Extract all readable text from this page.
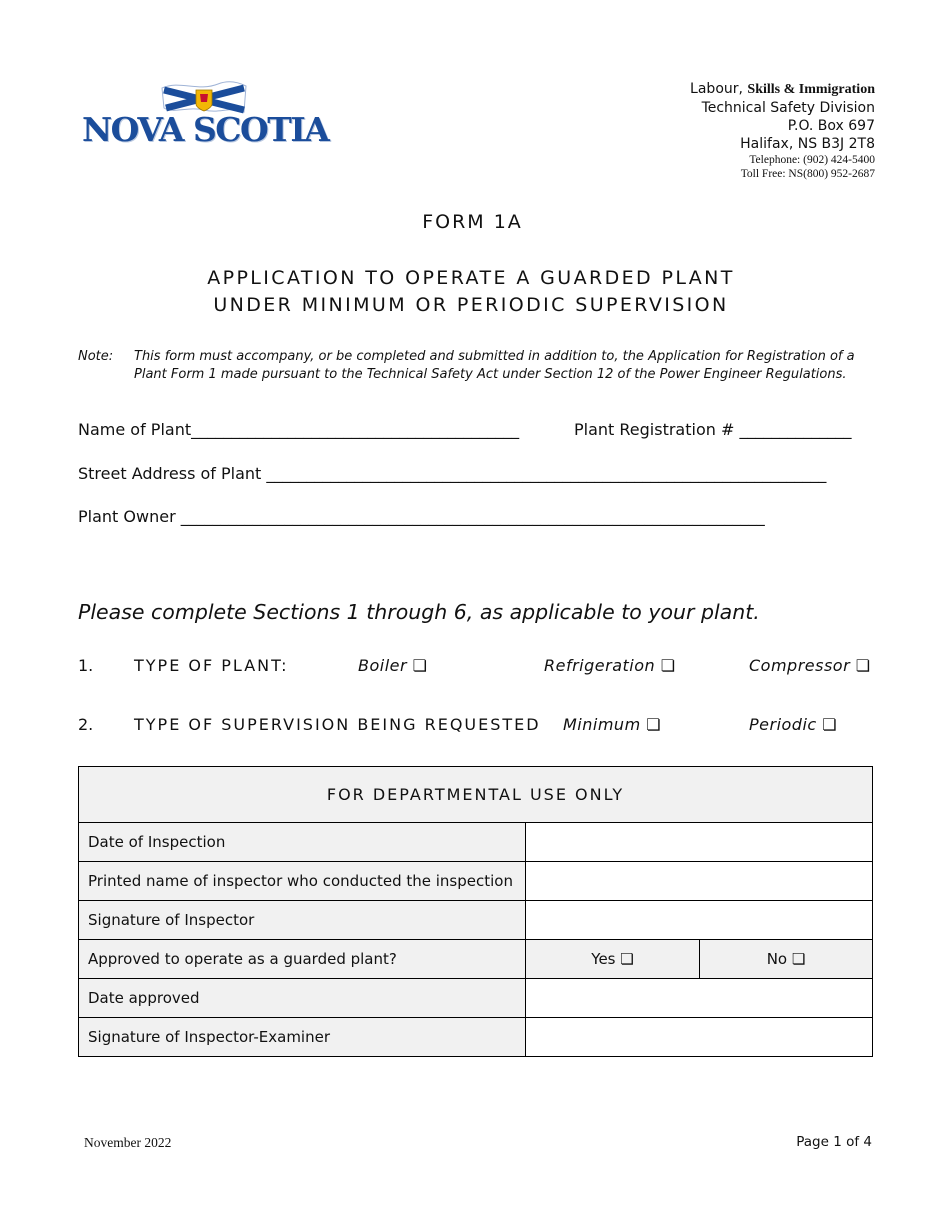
NOVA SCOTIA
Labour, Skills & Immigration
Technical Safety Division
P.O. Box 697
Halifax, NS B3J 2T8
Telephone: (902) 424-5400
Toll Free: NS(800) 952-2687
FORM 1A
APPLICATION TO OPERATE A GUARDED PLANT
UNDER MINIMUM OR PERIODIC SUPERVISION
Note: This form must accompany, or be completed and submitted in addition to, the Application for Registration of a Plant Form 1 made pursuant to the Technical Safety Act under Section 12 of the Power Engineer Regulations.
Name of Plant_________________________________________	Plant Registration # ______________
Street Address of Plant ______________________________________________________________________
Plant Owner _________________________________________________________________________
Please complete Sections 1 through 6, as applicable to your plant.
1.	TYPE OF PLANT:	Boiler ❏	Refrigeration ❏	Compressor ❏
2.	TYPE OF SUPERVISION BEING REQUESTED Minimum ❏	Periodic ❏
FOR DEPARTMENTAL USE ONLY		
Date of Inspection		
Printed name of inspector who conducted the inspection		
Signature of Inspector		
Approved to operate as a guarded plant?	Yes ❏	No ❏
Date approved		
Signature of Inspector-Examiner		
November 2022	Page 1 of 4
